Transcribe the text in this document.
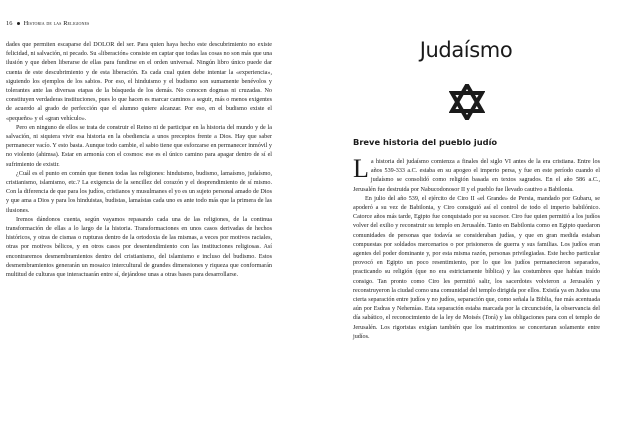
16 Historia de las Religiones

dades que permiten escaparse del DOLOR del ser. Para quien haya hecho este descubrimiento no existe felicidad, ni salvación, ni pecado. Su «liberación» consiste en captar que todas las cosas no son más que una ilusión y que deben liberarse de ellas para fundirse en el orden universal. Ningún libro único puede dar cuenta de este descubrimiento y de esta liberación. Es cada cual quien debe intentar la «experiencia», siguiendo los ejemplos de los sabios. Por eso, el hinduismo y el budismo son sumamente benévolos y tolerantes ante las diversas etapas de la búsqueda de los demás. No conocen dogmas ni cruzadas. No constituyen verdaderas instituciones, pues lo que hacen es marcar caminos a seguir, más o menos exigentes de acuerdo al grado de perfección que el alumno quiere alcanzar. Por eso, en el budismo existe el «pequeño» y el «gran vehículo».

Pero en ninguno de ellos se trata de construir el Reino ni de participar en la historia del mundo y de la salvación, ni siquiera vivir esa historia en la obediencia a unos preceptos frente a Dios. Hay que saber permanecer vacío. Y esto basta. Aunque todo cambie, el sabio tiene que esforzarse en permanecer inmóvil y no violento (ahimsa). Estar en armonía con el cosmos: ese es el único camino para apagar dentro de sí el sufrimiento de existir.

¿Cuál es el punto en común que tienen todas las religiones: hinduismo, budismo, lamaísmo, judaísmo, cristianismo, islamismo, etc.? La exigencia de la sencillez del corazón y el desprendimiento de sí mismo. Con la diferencia de que para los judíos, cristianos y musulmanes el yo es un sujeto personal amado de Dios y que ama a Dios y para los hinduistas, budistas, lamaístas cada uno es ante todo más que la primera de las ilusiones.

Iremos dándonos cuenta, según vayamos repasando cada una de las religiones, de la continua transformación de ellas a lo largo de la historia. Transformaciones en unos casos derivadas de hechos históricos, y otras de cismas o rupturas dentro de la ortodoxia de las mismas, a veces por motivos raciales, otras por motivos bélicos, y en otros casos por desentendimiento con las instituciones religiosas. Así encontraremos desmembramientos dentro del cristianismo, del islamismo e incluso del budismo. Estos desmembramientos generarán un mosaico intercultural de grandes dimensiones y riqueza que conformarán multitud de culturas que interactuarán entre sí, dejándose unas a otras bases para desarrollarse.

Judaísmo
Breve historia del pueblo judío

La historia del judaísmo comienza a finales del siglo VI antes de la era cristiana. Entre los años 539-333 a.C. estaba en su apogeo el imperio persa, y fue en este período cuando el judaísmo se consolidó como religión basada en textos sagrados. En el año 586 a.C., Jerusalén fue destruida por Nabucodonosor II y el pueblo fue llevado cautivo a Babilonia.

En julio del año 539, el ejército de Ciro II «el Grande» de Persia, mandado por Gubaru, se apoderó a su vez de Babilonia, y Ciro consiguió así el control de todo el imperio babilónico. Catorce años más tarde, Egipto fue conquistado por su sucesor. Ciro fue quien permitió a los judíos volver del exilio y reconstruir su templo en Jerusalén. Tanto en Babilonia como en Egipto quedaron comunidades de personas que todavía se consideraban judías, y que en gran medida estaban compuestas por soldados mercenarios o por prisioneros de guerra y sus familias. Los judíos eran agentes del poder dominante y, por esta misma razón, personas privilegiadas. Este hecho particular provocó en Egipto un poco resentimiento, por lo que los judíos permanecieron separados, practicando su religión (que no era estrictamente bíblica) y las costumbres que habían traído consigo. Tan pronto como Ciro les permitió salir, los sacerdotes volvieron a Jerusalén y reconstruyeron la ciudad como una comunidad del templo dirigida por ellos. Existía ya en Judea una cierta separación entre judíos y no judíos, separación que, como señala la Biblia, fue más acentuada aún por Esdras y Nehemías. Esta separación estaba marcada por la circuncisión, la observancia del día sabático, el reconocimiento de la ley de Moisés (Torá) y las obligaciones para con el templo de Jerusalén. Los rigoristas exigían también que los matrimonios se concertaran solamente entre judíos.
